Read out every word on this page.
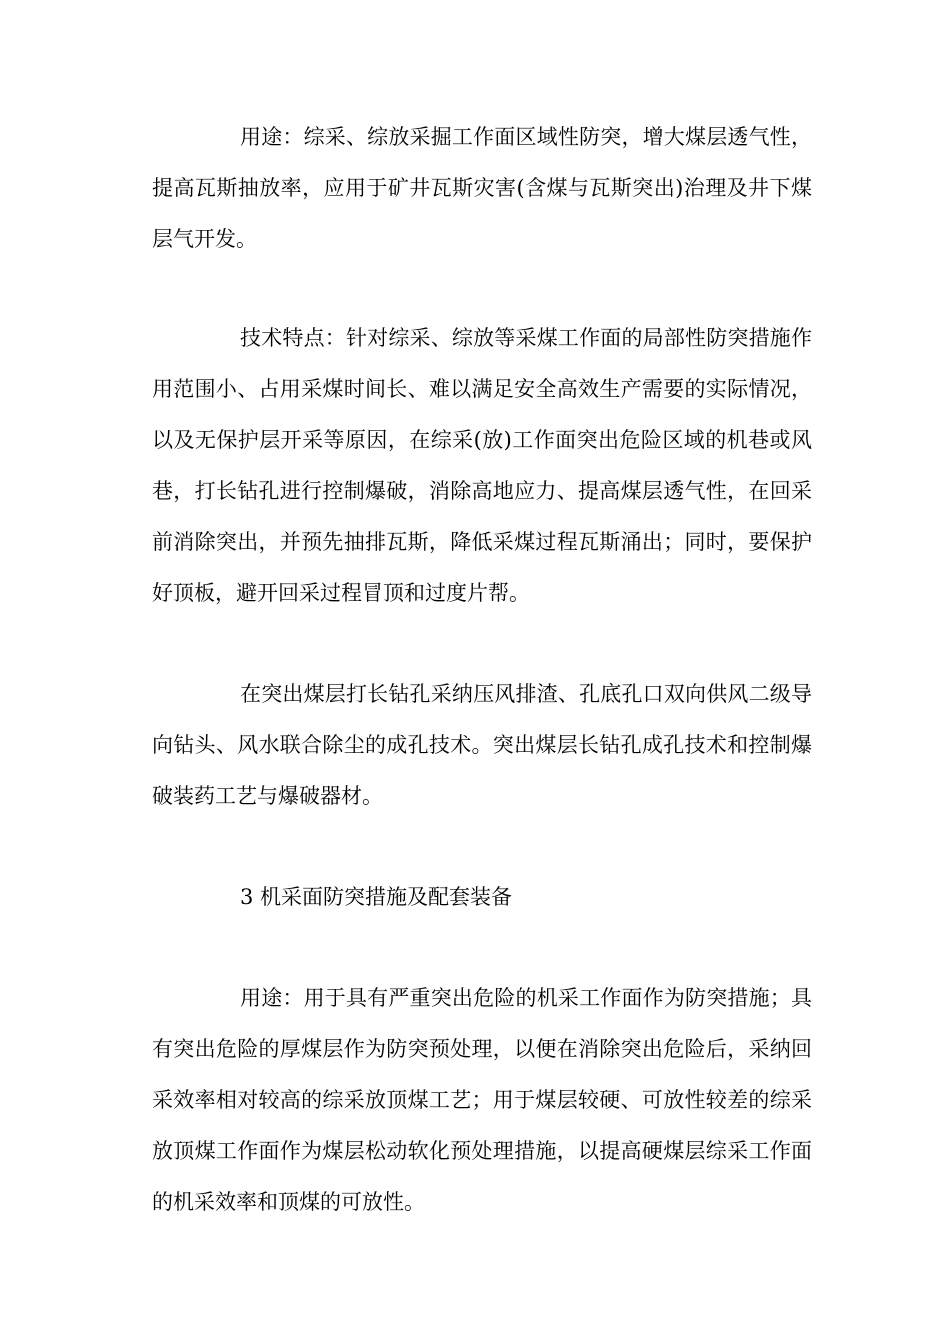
用途：综采、综放采掘工作面区域性防突，增大煤层透气性，提高瓦斯抽放率，应用于矿井瓦斯灾害(含煤与瓦斯突出)治理及井下煤层气开发。

技术特点：针对综采、综放等采煤工作面的局部性防突措施作用范围小、占用采煤时间长、难以满足安全高效生产需要的实际情况，以及无保护层开采等原因，在综采(放)工作面突出危险区域的机巷或风巷，打长钻孔进行控制爆破，消除高地应力、提高煤层透气性，在回采前消除突出，并预先抽排瓦斯，降低采煤过程瓦斯涌出；同时，要保护好顶板，避开回采过程冒顶和过度片帮。

在突出煤层打长钻孔采纳压风排渣、孔底孔口双向供风二级导向钻头、风水联合除尘的成孔技术。突出煤层长钻孔成孔技术和控制爆破装药工艺与爆破器材。

3 机采面防突措施及配套装备

用途：用于具有严重突出危险的机采工作面作为防突措施；具有突出危险的厚煤层作为防突预处理，以便在消除突出危险后，采纳回采效率相对较高的综采放顶煤工艺；用于煤层较硬、可放性较差的综采放顶煤工作面作为煤层松动软化预处理措施，以提高硬煤层综采工作面的机采效率和顶煤的可放性。
